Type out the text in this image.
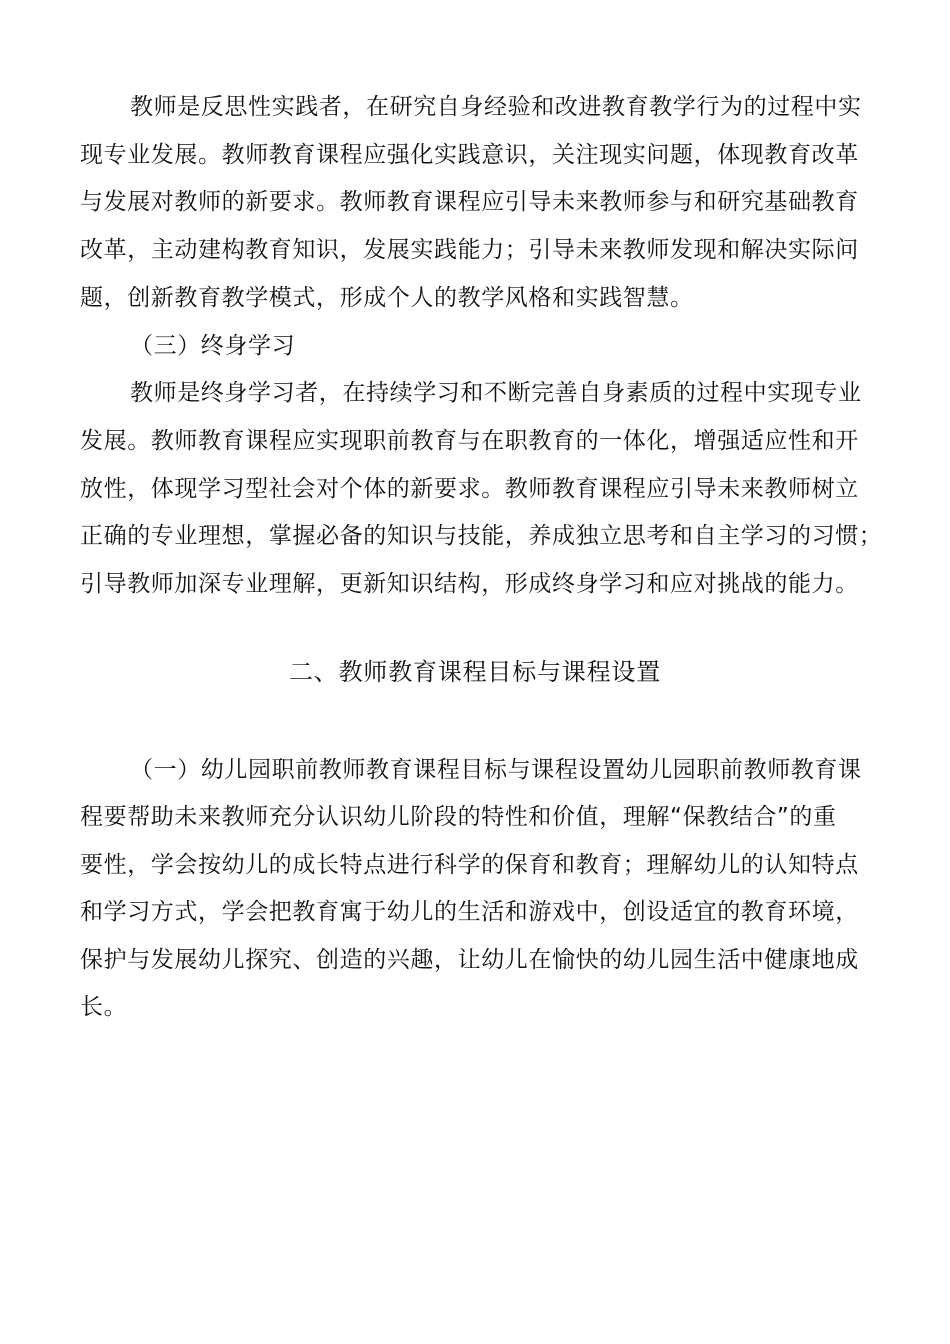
教师是反思性实践者，在研究自身经验和改进教育教学行为的过程中实
现专业发展。教师教育课程应强化实践意识，关注现实问题，体现教育改革
与发展对教师的新要求。教师教育课程应引导未来教师参与和研究基础教育
改革，主动建构教育知识，发展实践能力；引导未来教师发现和解决实际问
题，创新教育教学模式，形成个人的教学风格和实践智慧。
（三）终身学习
教师是终身学习者，在持续学习和不断完善自身素质的过程中实现专业
发展。教师教育课程应实现职前教育与在职教育的一体化，增强适应性和开
放性，体现学习型社会对个体的新要求。教师教育课程应引导未来教师树立
正确的专业理想，掌握必备的知识与技能，养成独立思考和自主学习的习惯；
引导教师加深专业理解，更新知识结构，形成终身学习和应对挑战的能力。
二、教师教育课程目标与课程设置
（一）幼儿园职前教师教育课程目标与课程设置幼儿园职前教师教育课
程要帮助未来教师充分认识幼儿阶段的特性和价值，理解“保教结合”的重
要性，学会按幼儿的成长特点进行科学的保育和教育；理解幼儿的认知特点
和学习方式，学会把教育寓于幼儿的生活和游戏中，创设适宜的教育环境，
保护与发展幼儿探究、创造的兴趣，让幼儿在愉快的幼儿园生活中健康地成
长。
